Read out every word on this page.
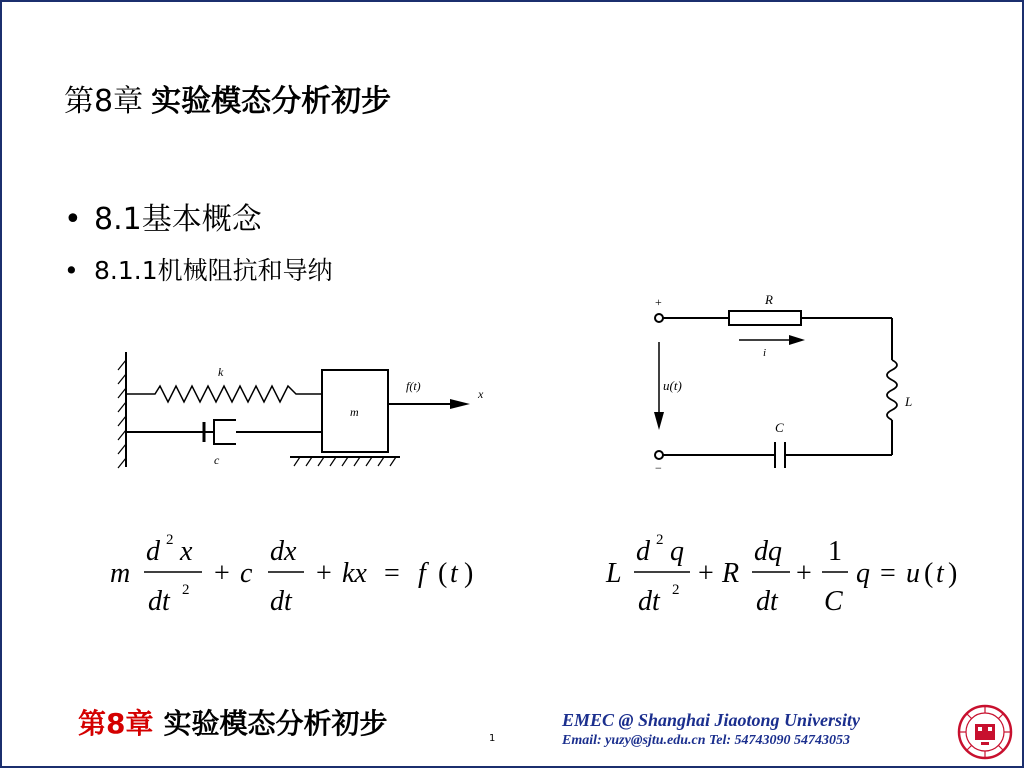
第8章 实验模态分析初步
• 8.1基本概念
• 8.1.1机械阻抗和导纳
k
c
m
f(t)
x
+
−
R
i
L
C
u(t)
m
d 2 x
dt 2
+ c
dx
dt
+ kx = f ( t )	L
d 2 q
dt 2
+ R
dq
dt
+
1
C
q = u ( t )
第8章 实验模态分析初步	1
EMEC @ Shanghai Jiaotong University
Email: yuzy@sjtu.edu.cn Tel: 54743090 54743053
